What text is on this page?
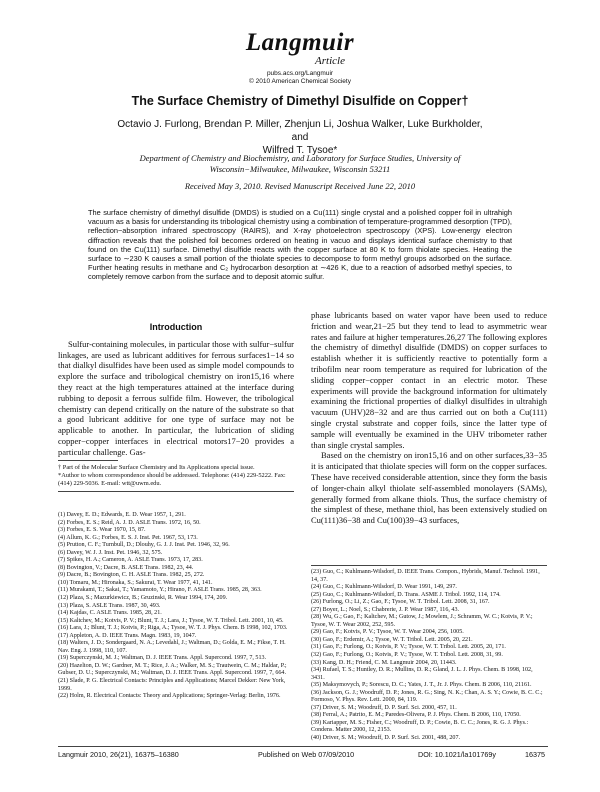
Langmuir
Article
pubs.acs.org/Langmuir
© 2010 American Chemical Society
The Surface Chemistry of Dimethyl Disulfide on Copper†
Octavio J. Furlong, Brendan P. Miller, Zhenjun Li, Joshua Walker, Luke Burkholder, and
Wilfred T. Tysoe*
Department of Chemistry and Biochemistry, and Laboratory for Surface Studies, University of
Wisconsin−Milwaukee, Milwaukee, Wisconsin 53211
Received May 3, 2010. Revised Manuscript Received June 22, 2010
The surface chemistry of dimethyl disulfide (DMDS) is studied on a Cu(111) single crystal and a polished copper foil in ultrahigh vacuum as a basis for understanding its tribological chemistry using a combination of temperature-programmed desorption (TPD), reflection−absorption infrared spectroscopy (RAIRS), and X-ray photoelectron spectroscopy (XPS). Low-energy electron diffraction reveals that the polished foil becomes ordered on heating in vacuo and displays identical surface chemistry to that found on the Cu(111) surface. Dimethyl disulfide reacts with the copper surface at 80 K to form thiolate species. Heating the surface to ∼230 K causes a small portion of the thiolate species to decompose to form methyl groups adsorbed on the surface. Further heating results in methane and C₂ hydrocarbon desorption at ∼426 K, due to a reaction of adsorbed methyl species, to completely remove carbon from the surface and to deposit atomic sulfur.
Introduction

Sulfur-containing molecules, in particular those with sulfur−sulfur linkages, are used as lubricant additives for ferrous surfaces1−14 so that dialkyl disulfides have been used as simple model compounds to explore the surface and tribological chemistry on iron15,16 where they react at the high temperatures attained at the interface during rubbing to deposit a ferrous sulfide film. However, the tribological chemistry can depend critically on the nature of the substrate so that a good lubricant additive for one type of surface may not be applicable to another. In particular, the lubrication of sliding copper−copper interfaces in electrical motors17−20 provides a particular challenge. Gas-

† Part of the Molecular Surface Chemistry and Its Applications special issue.
*Author to whom correspondence should be addressed. Telephone: (414) 229-5222. Fax: (414) 229-5036. E-mail: wtt@uwm.edu.
(1) Davey, E. D.; Edwards, E. D. Wear 1957, 1, 291.
(2) Forbes, E. S.; Reid, A. J. D. ASLE Trans. 1972, 16, 50.
(3) Forbes, E. S. Wear 1970, 15, 87.
(4) Allum, K. G.; Forbes, E. S. J. Inst. Pet. 1967, 53, 173.
(5) Prutton, C. F.; Turnbull, D.; Dlouhy, G. J. J. Inst. Pet. 1946, 32, 96.
(6) Davey, W. J. J. Inst. Pet. 1946, 32, 575.
(7) Spikes, H. A.; Cameron, A. ASLE Trans. 1973, 17, 283.
(8) Bovington, V.; Dacre, B. ASLE Trans. 1982, 23, 44.
(9) Dacre, B.; Bovington, C. H. ASLE Trans. 1982, 25, 272.
(10) Tomaru, M.; Hironaka, S.; Sakurai, T. Wear 1977, 41, 141.
(11) Murakami, T.; Sakai, T.; Yamamoto, Y.; Hirano, F. ASLE Trans. 1985, 28, 363.
(12) Plaza, S.; Mazurkiewicz, B.; Gruzinski, R. Wear 1994, 174, 209.
(13) Plaza, S. ASLE Trans. 1987, 30, 493.
(14) Kajdas, C. ASLE Trans. 1985, 28, 21.
(15) Kaltchev, M.; Kotvis, P. V.; Blunt, T. J.; Lara, J.; Tysoe, W. T. Tribol. Lett. 2001, 10, 45.
(16) Lara, J.; Blunt, T. J.; Kotvis, P.; Riga, A.; Tysoe, W. T. J. Phys. Chem. B 1998, 102, 1703.
(17) Appleton, A. D. IEEE Trans. Magn. 1983, 19, 1047.
(18) Walters, J. D.; Sondergaard, N. A.; Levedahl, J.; Waltman, D.; Golda, E. M.; Fikse, T. H. Nav. Eng. J. 1998, 110, 107.
(19) Superczynski, M. J.; Waltman, D. J. IEEE Trans. Appl. Supercond. 1997, 7, 513.
(20) Hazelton, D. W.; Gardner, M. T.; Rice, J. A.; Walker, M. S.; Trautwein, C. M.; Haldar, P.; Gubser, D. U.; Superczynski, M.; Waltman, D. J. IEEE Trans. Appl. Supercond. 1997, 7, 664.
(21) Slade, P. G. Electrical Contacts: Principles and Applications; Marcel Dekker: New York, 1999.
(22) Holm, R. Electrical Contacts: Theory and Applications; Springer-Verlag: Berlin, 1976.

phase lubricants based on water vapor have been used to reduce friction and wear,21−25 but they tend to lead to asymmetric wear rates and failure at higher temperatures.26,27 The following explores the chemistry of dimethyl disulfide (DMDS) on copper surfaces to establish whether it is sufficiently reactive to potentially form a tribofilm near room temperature as required for lubrication of the sliding copper−copper contact in an electric motor. These experiments will provide the background information for ultimately examining the frictional properties of dialkyl disulfides in ultrahigh vacuum (UHV)28−32 and are thus carried out on both a Cu(111) single crystal substrate and copper foils, since the latter type of sample will eventually be examined in the UHV tribometer rather than single crystal samples.

Based on the chemistry on iron15,16 and on other surfaces,33−35 it is anticipated that thiolate species will form on the copper surfaces. These have received considerable attention, since they form the basis of longer-chain alkyl thiolate self-assembled monolayers (SAMs), generally formed from alkane thiols. Thus, the surface chemistry of the simplest of these, methane thiol, has been extensively studied on Cu(111)36−38 and Cu(100)39−43 surfaces,

(23) Guo, C.; Kuhlmann-Wilsdorf, D. IEEE Trans. Compon., Hybrids, Manuf. Technol. 1991, 14, 37.
(24) Guo, C.; Kuhlmann-Wilsdorf, D. Wear 1991, 149, 297.
(25) Guo, C.; Kuhlmann-Wilsdorf, D. Trans. ASME J. Tribol. 1992, 114, 174.
(26) Furlong, O.; Li, Z.; Gao, F.; Tysoe, W. T. Tribol. Lett. 2008, 31, 167.
(27) Boyer, L.; Noel, S.; Chabrerie, J. P. Wear 1987, 116, 43.
(28) Wu, G.; Gao, F.; Kaltchev, M.; Gutow, J.; Mowlem, J.; Schramm, W. C.; Kotvis, P. V.; Tysoe, W. T. Wear 2002, 252, 595.
(29) Gao, F.; Kotvis, P. V.; Tysoe, W. T. Wear 2004, 256, 1005.
(30) Gao, F.; Erdemir, A.; Tysoe, W. T. Tribol. Lett. 2005, 20, 221.
(31) Gao, F.; Furlong, O.; Kotvis, P. V.; Tysoe, W. T. Tribol. Lett. 2005, 20, 171.
(32) Gao, F.; Furlong, O.; Kotvis, P. V.; Tysoe, W. T. Tribol. Lett. 2008, 31, 99.
(33) Kang, D. H.; Friend, C. M. Langmuir 2004, 20, 11443.
(34) Rufael, T. S.; Huntley, D. R.; Mullins, D. R.; Gland, J. L. J. Phys. Chem. B 1998, 102, 3431.
(35) Maksymovych, P.; Sorescu, D. C.; Yates, J. T., Jr. J. Phys. Chem. B 2006, 110, 21161.
(36) Jackson, G. J.; Woodruff, D. P.; Jones, R. G.; Sing, N. K.; Chan, A. S. Y.; Cowie, B. C. C.; Formoso, V. Phys. Rev. Lett. 2000, 84, 119.
(37) Driver, S. M.; Woodruff, D. P. Surf. Sci. 2000, 457, 11.
(38) Ferral, A.; Patrito, E. M.; Paredes-Olivera, P. J. Phys. Chem. B 2006, 110, 17050.
(39) Kariapper, M. S.; Fisher, C.; Woodruff, D. P.; Cowie, B. C. C.; Jones, R. G. J. Phys.: Condens. Matter 2000, 12, 2153.
(40) Driver, S. M.; Woodruff, D. P. Surf. Sci. 2001, 488, 207.
Langmuir 2010, 26(21), 16375–16380	Published on Web 07/09/2010	DOI: 10.1021/la101769y	16375
